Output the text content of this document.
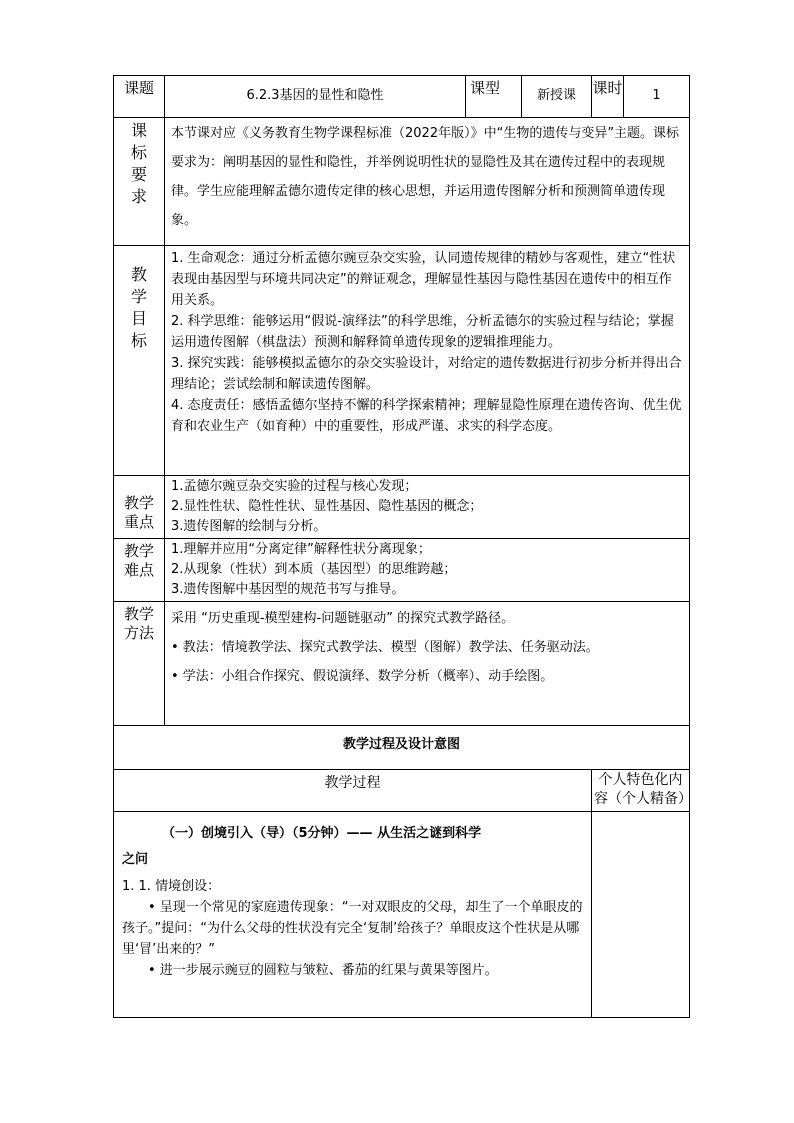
课题	6.2.3基因的显性和隐性	课型	新授课	课时	1

课标要求	本节课对应《义务教育生物学课程标准（2022年版）》中“生物的遗传与变异”主题。课标要求为：阐明基因的显性和隐性，并举例说明性状的显隐性及其在遗传过程中的表现规律。学生应能理解孟德尔遗传定律的核心思想，并运用遗传图解分析和预测简单遗传现象。				

教学目标	1. 生命观念：通过分析孟德尔豌豆杂交实验，认同遗传规律的精妙与客观性，建立“性状表现由基因型与环境共同决定”的辩证观念，理解显性基因与隐性基因在遗传中的相互作用关系。

2. 科学思维：能够运用“假说-演绎法”的科学思维，分析孟德尔的实验过程与结论；掌握运用遗传图解（棋盘法）预测和解释简单遗传现象的逻辑推理能力。

3. 探究实践：能够模拟孟德尔的杂交实验设计，对给定的遗传数据进行初步分析并得出合理结论；尝试绘制和解读遗传图解。

4. 态度责任：感悟孟德尔坚持不懈的科学探索精神；理解显隐性原理在遗传咨询、优生优育和农业生产（如育种）中的重要性，形成严谨、求实的科学态度。				

教学重点	1.孟德尔豌豆杂交实验的过程与核心发现；
2.显性性状、隐性性状、显性基因、隐性基因的概念；
3.遗传图解的绘制与分析。				

教学难点	1.理解并应用“分离定律”解释性状分离现象；
2.从现象（性状）到本质（基因型）的思维跨越；
3.遗传图解中基因型的规范书写与推导。				

教学方法	采用 “历史重现-模型建构-问题链驱动” 的探究式教学路径。

• 教法：情境教学法、探究式教学法、模型（图解）教学法、任务驱动法。

• 学法：小组合作探究、假说演绎、数学分析（概率）、动手绘图。				

教学过程及设计意图					
教学过程				个人特色化内容（个人精备）	

（一）创境引入（导）（5分钟）—— 从生活之谜到科学

之问

1. 1. 情境创设：

• 呈现一个常见的家庭遗传现象：“一对双眼皮的父母，却生了一个单眼皮的孩子。”提问：“为什么父母的性状没有完全‘复制’给孩子？单眼皮这个性状是从哪里‘冒’出来的？”

• 进一步展示豌豆的圆粒与皱粒、番茄的红果与黄果等图片。					
